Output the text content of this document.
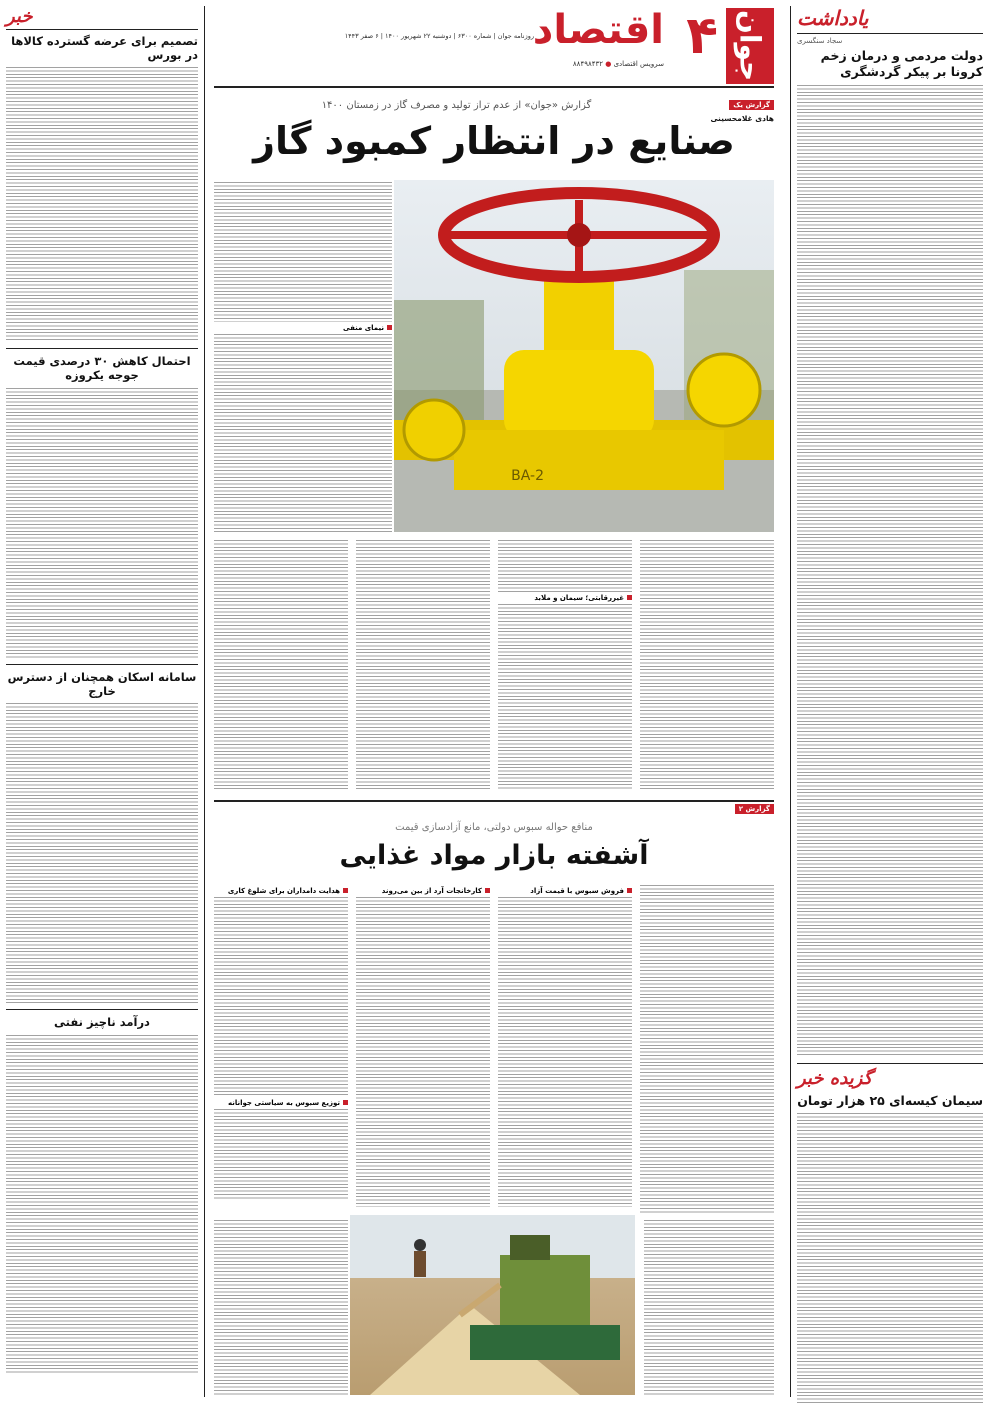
یادداشت
سجاد سنگسری
دولت مردمی و درمان زخم کرونا بر پیکر گردشگری
گزیده خبر
سیمان کیسه‌ای ۲۵ هزار تومان
خبر
تصمیم برای عرضه گسترده کالاها در بورس
احتمال کاهش ۳۰ درصدی قیمت جوجه یکروزه
سامانه اسکان همچنان از دسترس خارج
درآمد ناچیز نفتی
جوان
۴
اقتصاد
روزنامه جوان | شماره ۶۳۰۰ | دوشنبه ۲۲ شهریور ۱۴۰۰ | ۶ صفر ۱۴۴۳
سرویس اقتصادی ● ۸۸۴۹۸۴۳۲
گزارش یک
هادی غلامحسینی
گزارش «جوان» از عدم تراز تولید و مصرف گاز در زمستان ۱۴۰۰
صنایع در انتظار کمبود گاز
BA-2
نیمای منفی
غیررقابتی؛ سیمان و ملابد
گزارش ۲
منافع حواله سبوس دولتی، مانع آزادسازی قیمت
آشفته بازار مواد غذایی
فروش سبوس با قیمت آزاد
کارخانجات آرد از بین می‌روند
هدایت دامداران برای شلوغ کاری
توزیع سبوس به سیاستی جوانانه
